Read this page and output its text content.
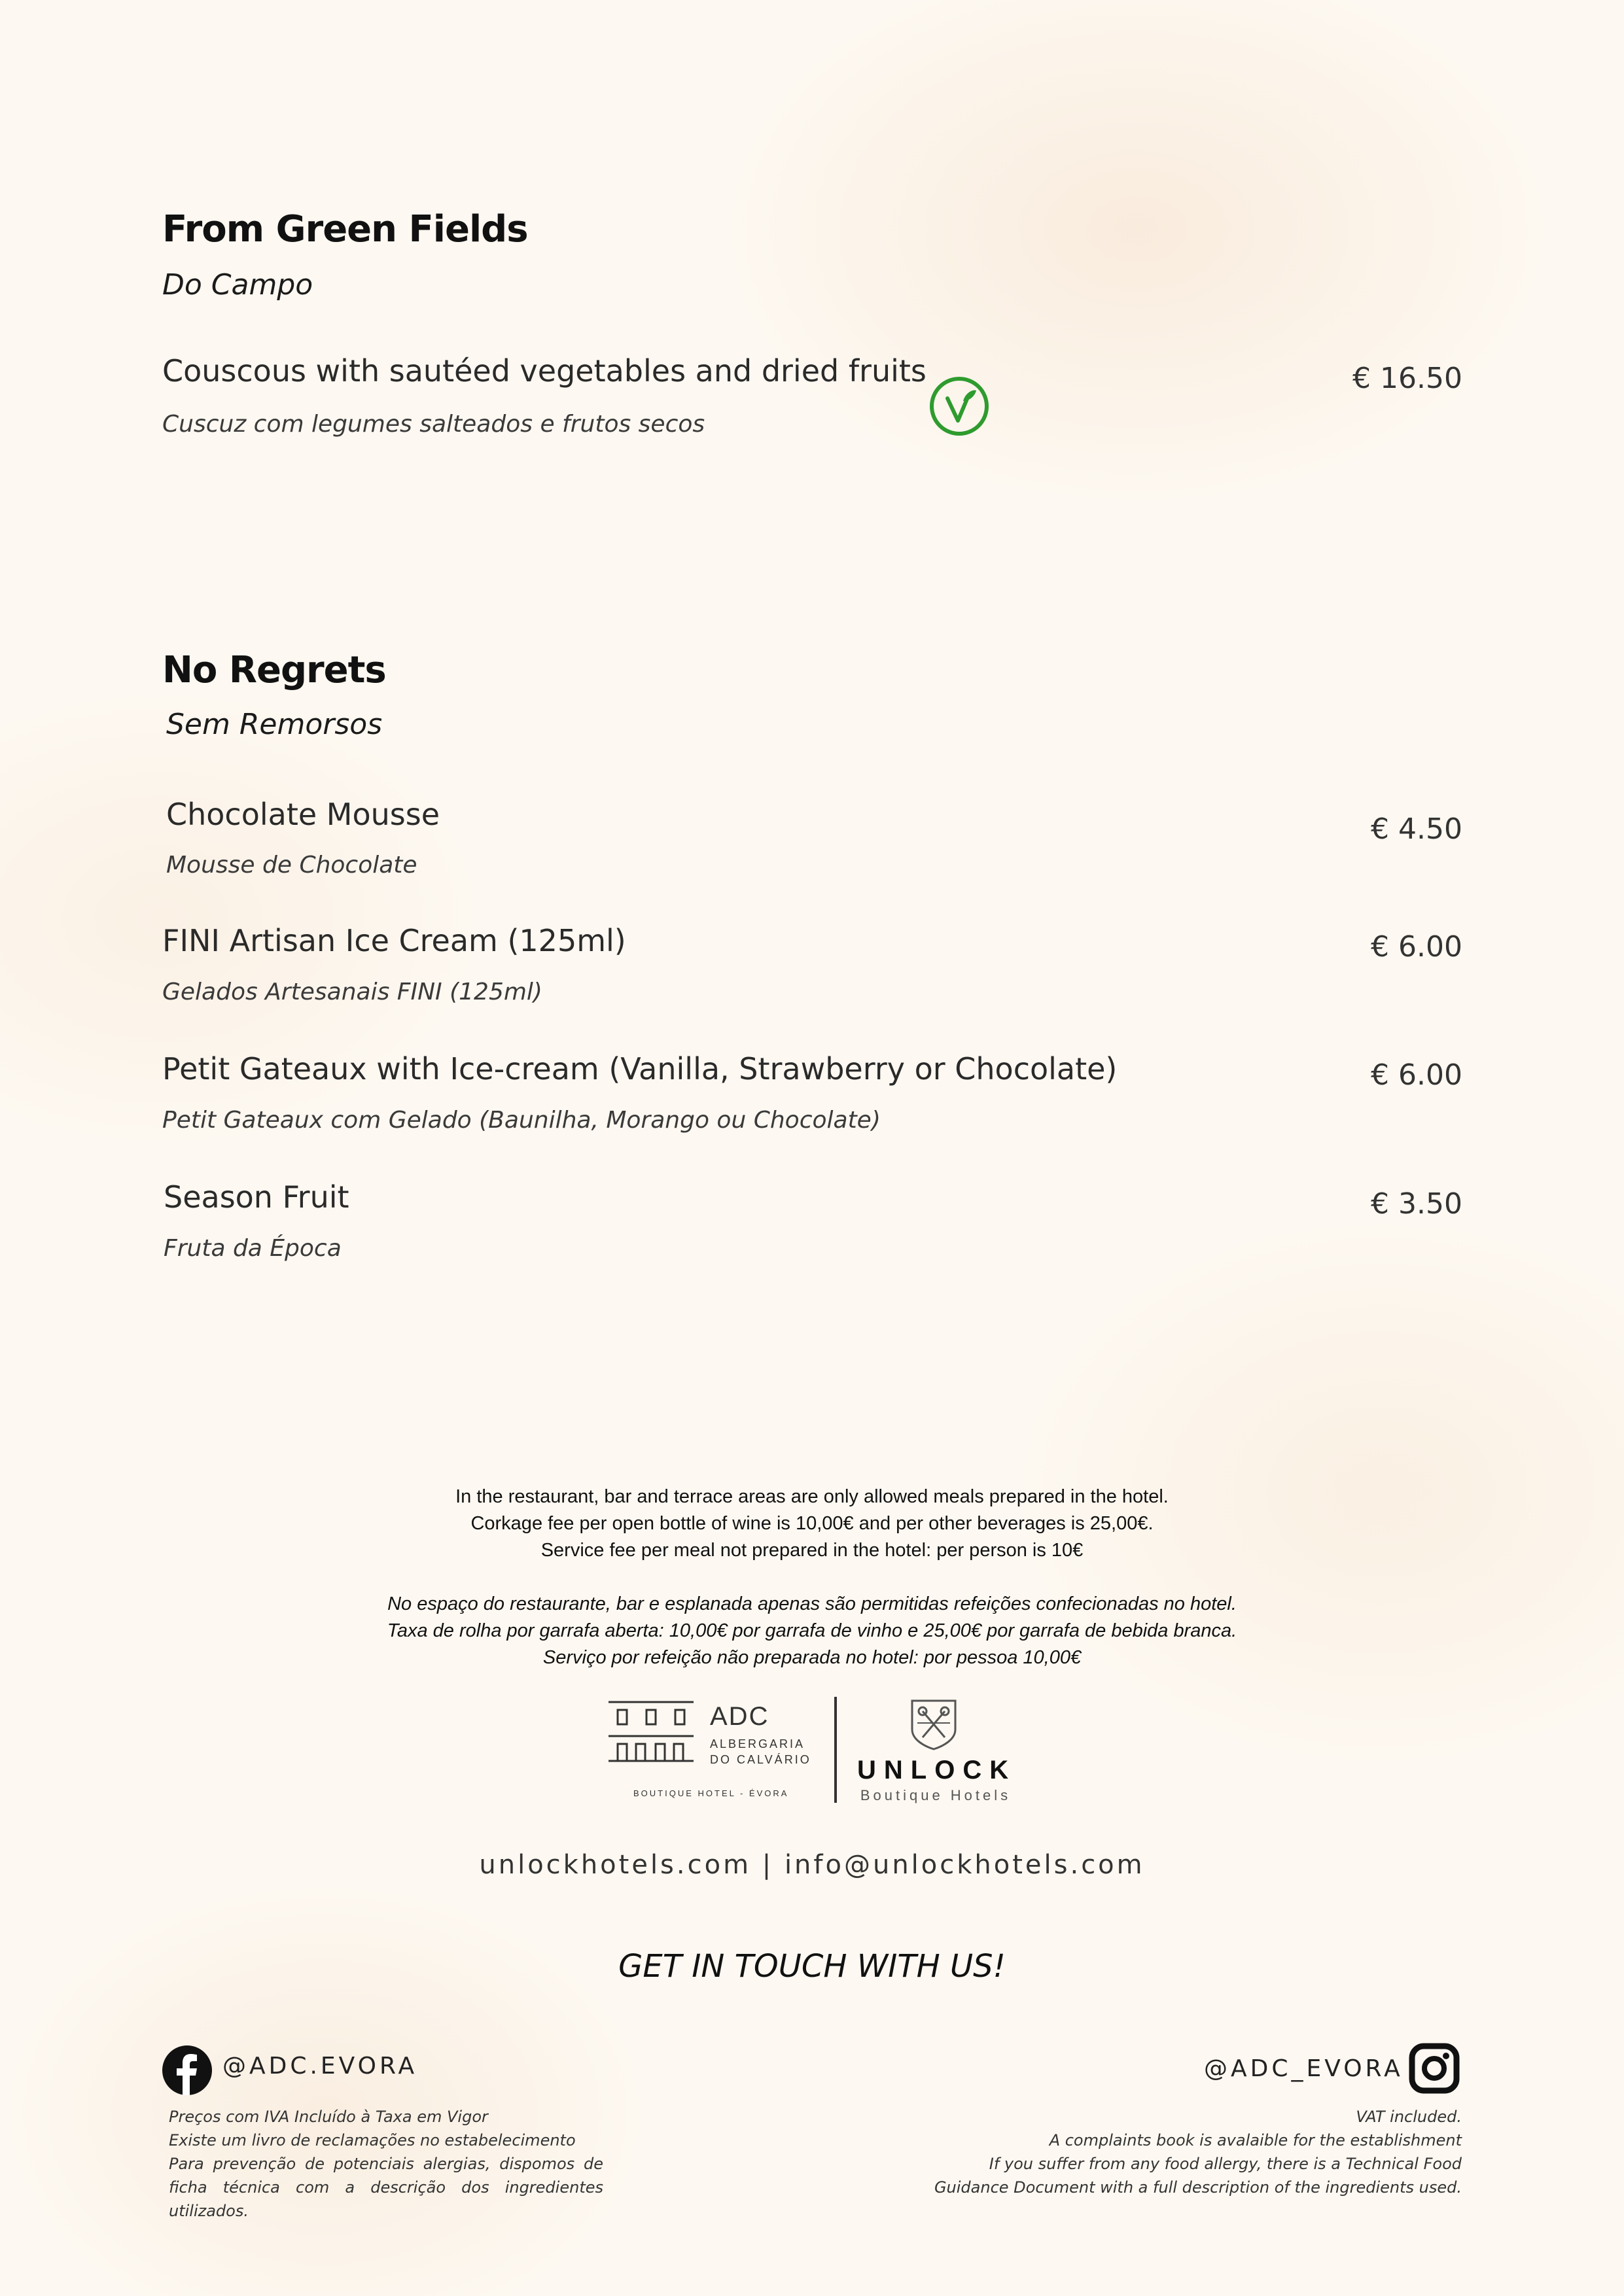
From Green Fields
Do Campo
Couscous with sautéed vegetables and dried fruits
Cuscuz com legumes salteados e frutos secos
€ 16.50
No Regrets
Sem Remorsos
Chocolate Mousse
Mousse de Chocolate
€ 4.50
FINI Artisan Ice Cream (125ml)
Gelados Artesanais FINI (125ml)
€ 6.00
Petit Gateaux with Ice-cream (Vanilla, Strawberry or Chocolate)
Petit Gateaux com Gelado (Baunilha, Morango ou Chocolate)
€ 6.00
Season Fruit
Fruta da Época
€ 3.50
In the restaurant, bar and terrace areas are only allowed meals prepared in the hotel.
Corkage fee per open bottle of wine is 10,00€ and per other beverages is 25,00€.
Service fee per meal not prepared in the hotel: per person is 10€
No espaço do restaurante, bar e esplanada apenas são permitidas refeições confecionadas no hotel.
Taxa de rolha por garrafa aberta: 10,00€ por garrafa de vinho e 25,00€ por garrafa de bebida branca.
Serviço por refeição não preparada no hotel: por pessoa 10,00€
ADC
ALBERGARIA
DO CALVÁRIO
BOUTIQUE HOTEL - ÉVORA
UNLOCK
Boutique Hotels
unlockhotels.com | info@unlockhotels.com
GET IN TOUCH WITH US!
@ADC.EVORA	@ADC_EVORA
Preços com IVA Incluído à Taxa em Vigor
Existe um livro de reclamações no estabelecimento
Para prevenção de potenciais alergias, dispomos de
ficha técnica com a descrição dos ingredientes utilizados.
VAT included.
A complaints book is avalaible for the establishment
If you suffer from any food allergy, there is a Technical Food
Guidance Document with a full description of the ingredients used.
